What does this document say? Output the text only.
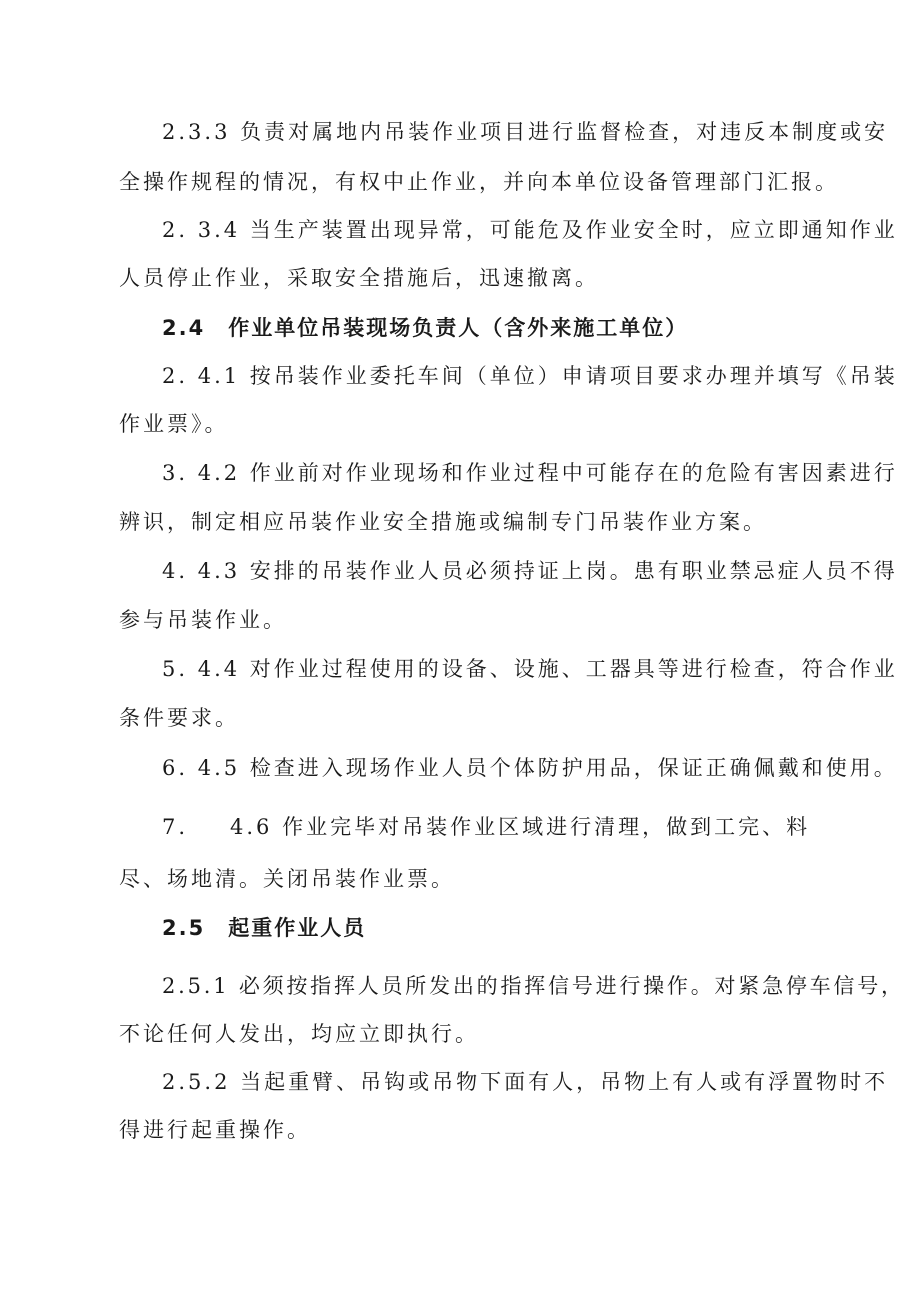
2.3.3 负责对属地内吊装作业项目进行监督检查，对违反本制度或安
全操作规程的情况，有权中止作业，并向本单位设备管理部门汇报。
2. 3.4 当生产装置出现异常，可能危及作业安全时，应立即通知作业
人员停止作业，采取安全措施后，迅速撤离。
2.4　作业单位吊装现场负责人（含外来施工单位）
2. 4.1 按吊装作业委托车间（单位）申请项目要求办理并填写《吊装
作业票》。
3. 4.2 作业前对作业现场和作业过程中可能存在的危险有害因素进行
辨识，制定相应吊装作业安全措施或编制专门吊装作业方案。
4. 4.3 安排的吊装作业人员必须持证上岗。患有职业禁忌症人员不得
参与吊装作业。
5. 4.4 对作业过程使用的设备、设施、工器具等进行检查，符合作业
条件要求。
6. 4.5 检查进入现场作业人员个体防护用品，保证正确佩戴和使用。
7. 4.6 作业完毕对吊装作业区域进行清理，做到工完、料
尽、场地清。关闭吊装作业票。
2.5　起重作业人员
2.5.1 必须按指挥人员所发出的指挥信号进行操作。对紧急停车信号，
不论任何人发出，均应立即执行。
2.5.2 当起重臂、吊钩或吊物下面有人，吊物上有人或有浮置物时不
得进行起重操作。
